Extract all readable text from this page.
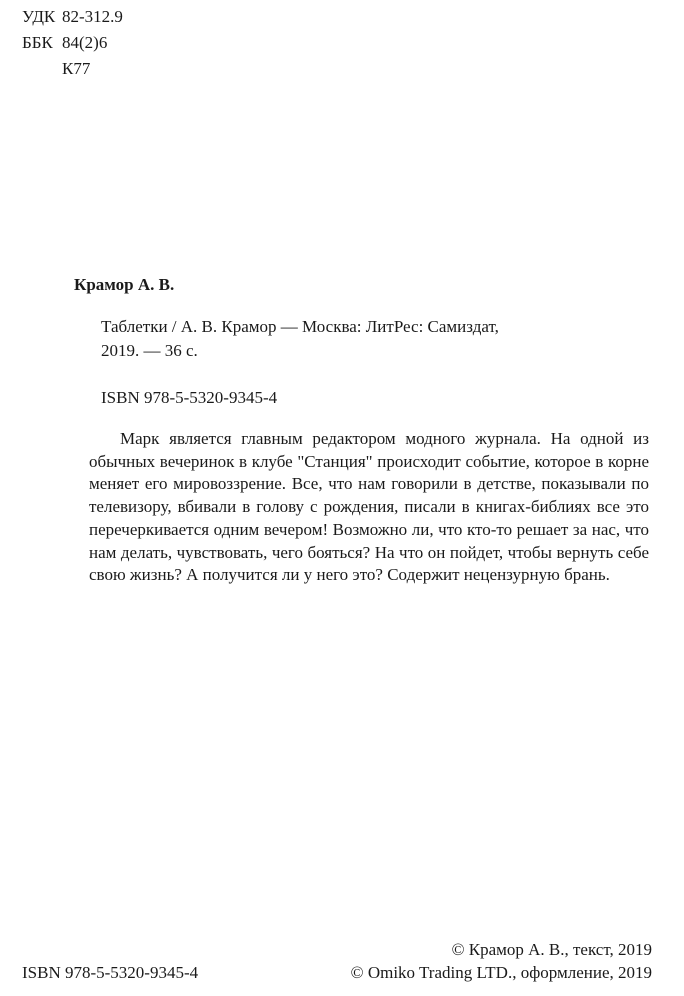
УДК 82-312.9
ББК 84(2)6
К77
Крамор А. В.
Таблетки / А. В. Крамор — Москва: ЛитРес: Самиздат,
2019. — 36 с.
ISBN 978-5-5320-9345-4

Марк является главным редактором модного журнала. На одной из обычных вечеринок в клубе "Станция" происходит событие, которое в корне меняет его мировоззрение. Все, что нам говорили в детстве, показывали по телевизору, вбивали в голову с рождения, писали в книгах-библиях все это перечеркивается одним вечером! Возможно ли, что кто-то решает за нас, что нам делать, чувствовать, чего бояться? На что он пойдет, чтобы вернуть себе свою жизнь? А получится ли у него это? Содержит нецензурную брань.

© Крамор А. В., текст, 2019
ISBN 978-5-5320-9345-4	© Omiko Trading LTD., оформление, 2019
